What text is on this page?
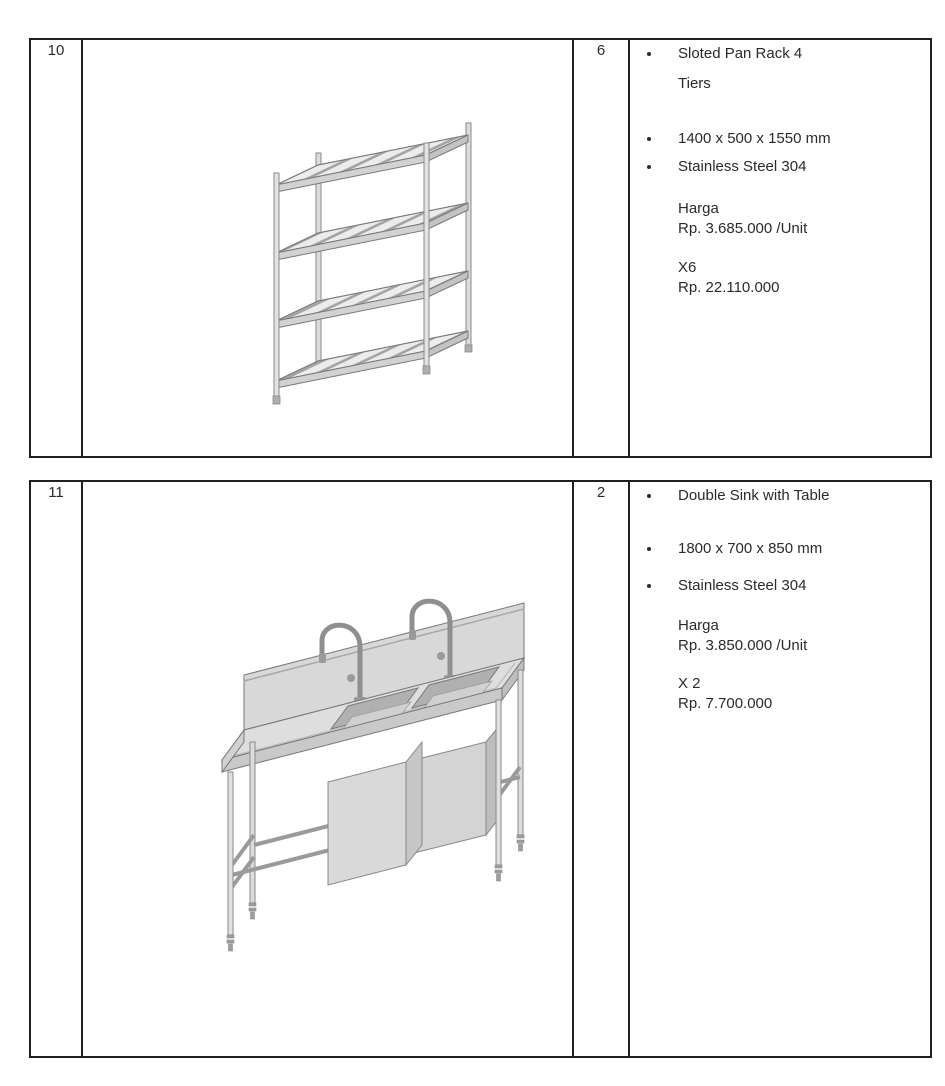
10	6	Sloted Pan Rack 4
Tiers
1400 x 500 x 1550 mm
Stainless Steel 304
Harga
Rp. 3.685.000 /Unit
X6
Rp. 22.110.000
11	2	Double Sink with Table
1800 x 700 x 850 mm
Stainless Steel 304
Harga
Rp. 3.850.000 /Unit
X 2
Rp. 7.700.000
